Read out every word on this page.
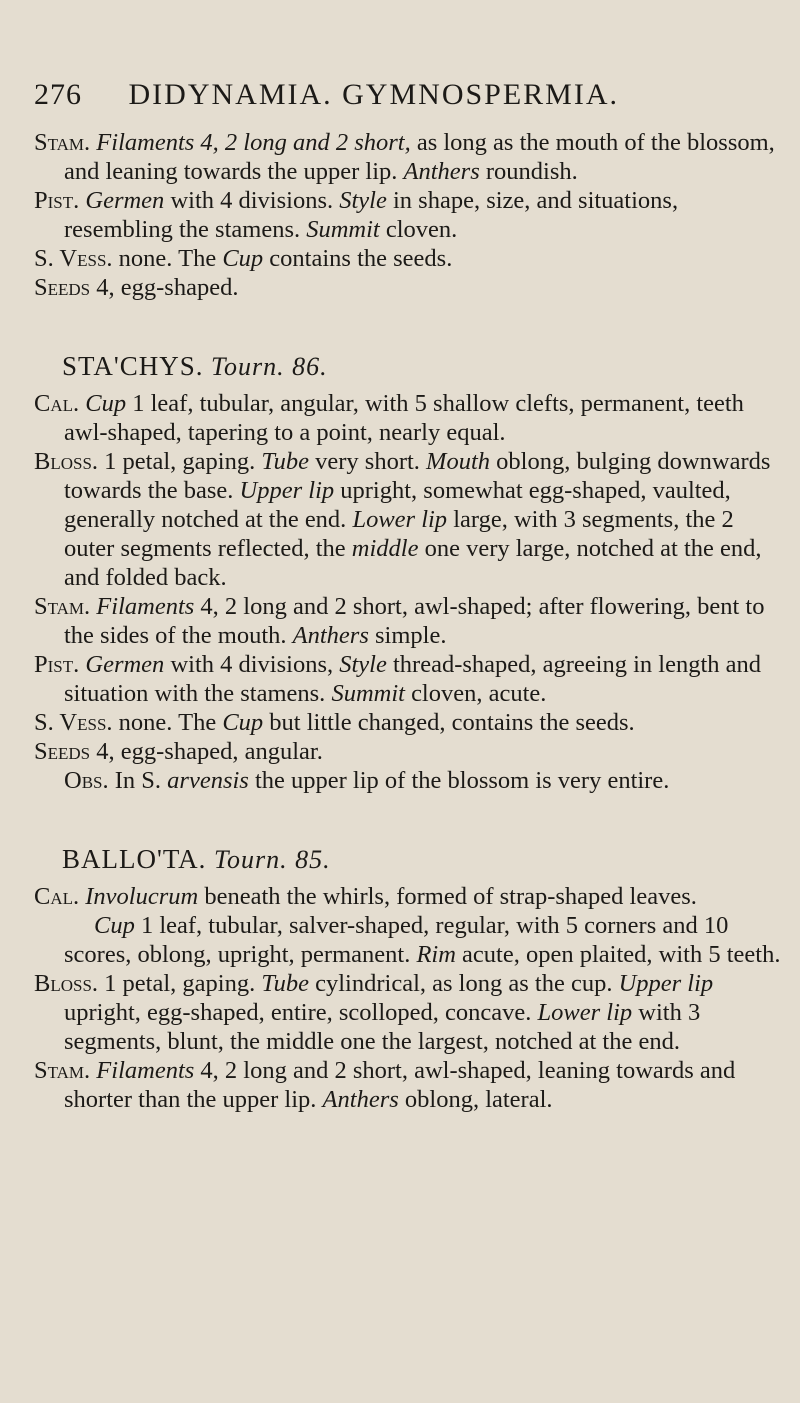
276 DIDYNAMIA. GYMNOSPERMIA.

Stam. Filaments 4, 2 long and 2 short, as long as the mouth of the blossom, and leaning towards the upper lip. Anthers roundish.

Pist. Germen with 4 divisions. Style in shape, size, and situations, resembling the stamens. Summit cloven.

S. Vess. none. The Cup contains the seeds.

Seeds 4, egg-shaped.

STA'CHYS. Tourn. 86.

Cal. Cup 1 leaf, tubular, angular, with 5 shallow clefts, permanent, teeth awl-shaped, tapering to a point, nearly equal.

Bloss. 1 petal, gaping. Tube very short. Mouth oblong, bulging downwards towards the base. Upper lip upright, somewhat egg-shaped, vaulted, generally notched at the end. Lower lip large, with 3 segments, the 2 outer segments reflected, the middle one very large, notched at the end, and folded back.

Stam. Filaments 4, 2 long and 2 short, awl-shaped; after flowering, bent to the sides of the mouth. Anthers simple.

Pist. Germen with 4 divisions, Style thread-shaped, agreeing in length and situation with the stamens. Summit cloven, acute.

S. Vess. none. The Cup but little changed, contains the seeds.

Seeds 4, egg-shaped, angular.

Obs. In S. arvensis the upper lip of the blossom is very entire.

BALLO'TA. Tourn. 85.

Cal. Involucrum beneath the whirls, formed of strap-shaped leaves.

Cup 1 leaf, tubular, salver-shaped, regular, with 5 corners and 10 scores, oblong, upright, permanent. Rim acute, open plaited, with 5 teeth.

Bloss. 1 petal, gaping. Tube cylindrical, as long as the cup. Upper lip upright, egg-shaped, entire, scolloped, concave. Lower lip with 3 segments, blunt, the middle one the largest, notched at the end.

Stam. Filaments 4, 2 long and 2 short, awl-shaped, leaning towards and shorter than the upper lip. Anthers oblong, lateral.
